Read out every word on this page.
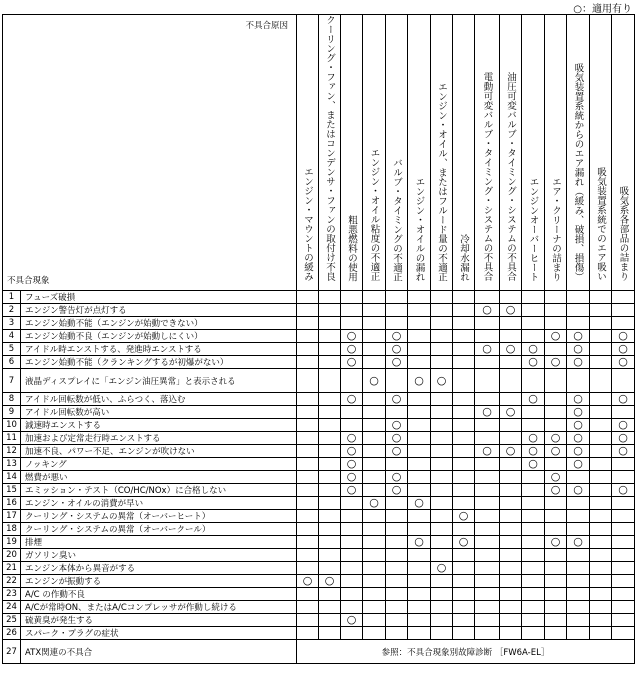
○：適用有り
不具合原因
不具合現象		エンジン・マウントの緩み	クーリング・ファン、またはコンデンサ・ファンの取付け不良	粗悪燃料の使用	エンジン・オイル粘度の不適正	バルブ・タイミングの不適正	エンジン・オイルの漏れ	エンジン・オイル、またはフルード量の不適正	冷却水漏れ	電動可変バルブ・タイミング・システムの不具合	油圧可変バルブ・タイミング・システムの不具合	エンジンオーバーヒート	エア・クリーナの詰まり	吸気装置系統からのエア漏れ（緩み、破損、損傷）	吸気装置系統でのエア吸い	吸気系各部品の詰まり
1	フューズ破損															
2	エンジン警告灯が点灯する									○	○					
3	エンジン始動不能（エンジンが始動できない）															
4	エンジン始動不良（エンジンが始動しにくい）			○		○							○	○		○
5	アイドル時エンストする、発進時エンストする			○		○				○	○	○		○		○
6	エンジン始動不能（クランキングするが初爆がない）			○		○						○	○	○		○
7	液晶ディスプレイに「エンジン油圧異常」と表示される				○		○	○								
8	アイドル回転数が低い、ふらつく、落込む			○		○						○		○		○
9	アイドル回転数が高い									○	○			○		
10	減速時エンストする					○								○		○
11	加速および定常走行時エンストする			○		○						○	○	○		○
12	加速不良、パワー不足、エンジンが吹けない			○		○				○	○	○	○	○		○
13	ノッキング			○								○		○		
14	燃費が悪い			○		○							○			
15	エミッション・テスト（CO/HC/NOx）に合格しない			○		○							○	○		○
16	エンジン・オイルの消費が早い				○		○									
17	クーリング・システムの異常（オーバーヒート）								○							
18	クーリング・システムの異常（オーバークール）															
19	排煙						○		○				○	○		
20	ガソリン臭い															
21	エンジン本体から異音がする							○								
22	エンジンが振動する	○	○													
23	A/C の作動不良															
24	A/Cが常時ON、またはA/Cコンプレッサが作動し続ける															
25	硫黄臭が発生する			○												
26	スパーク・プラグの症状															
27	ATX関連の不具合	参照：不具合現象別故障診断 ［FW6A-EL］														
